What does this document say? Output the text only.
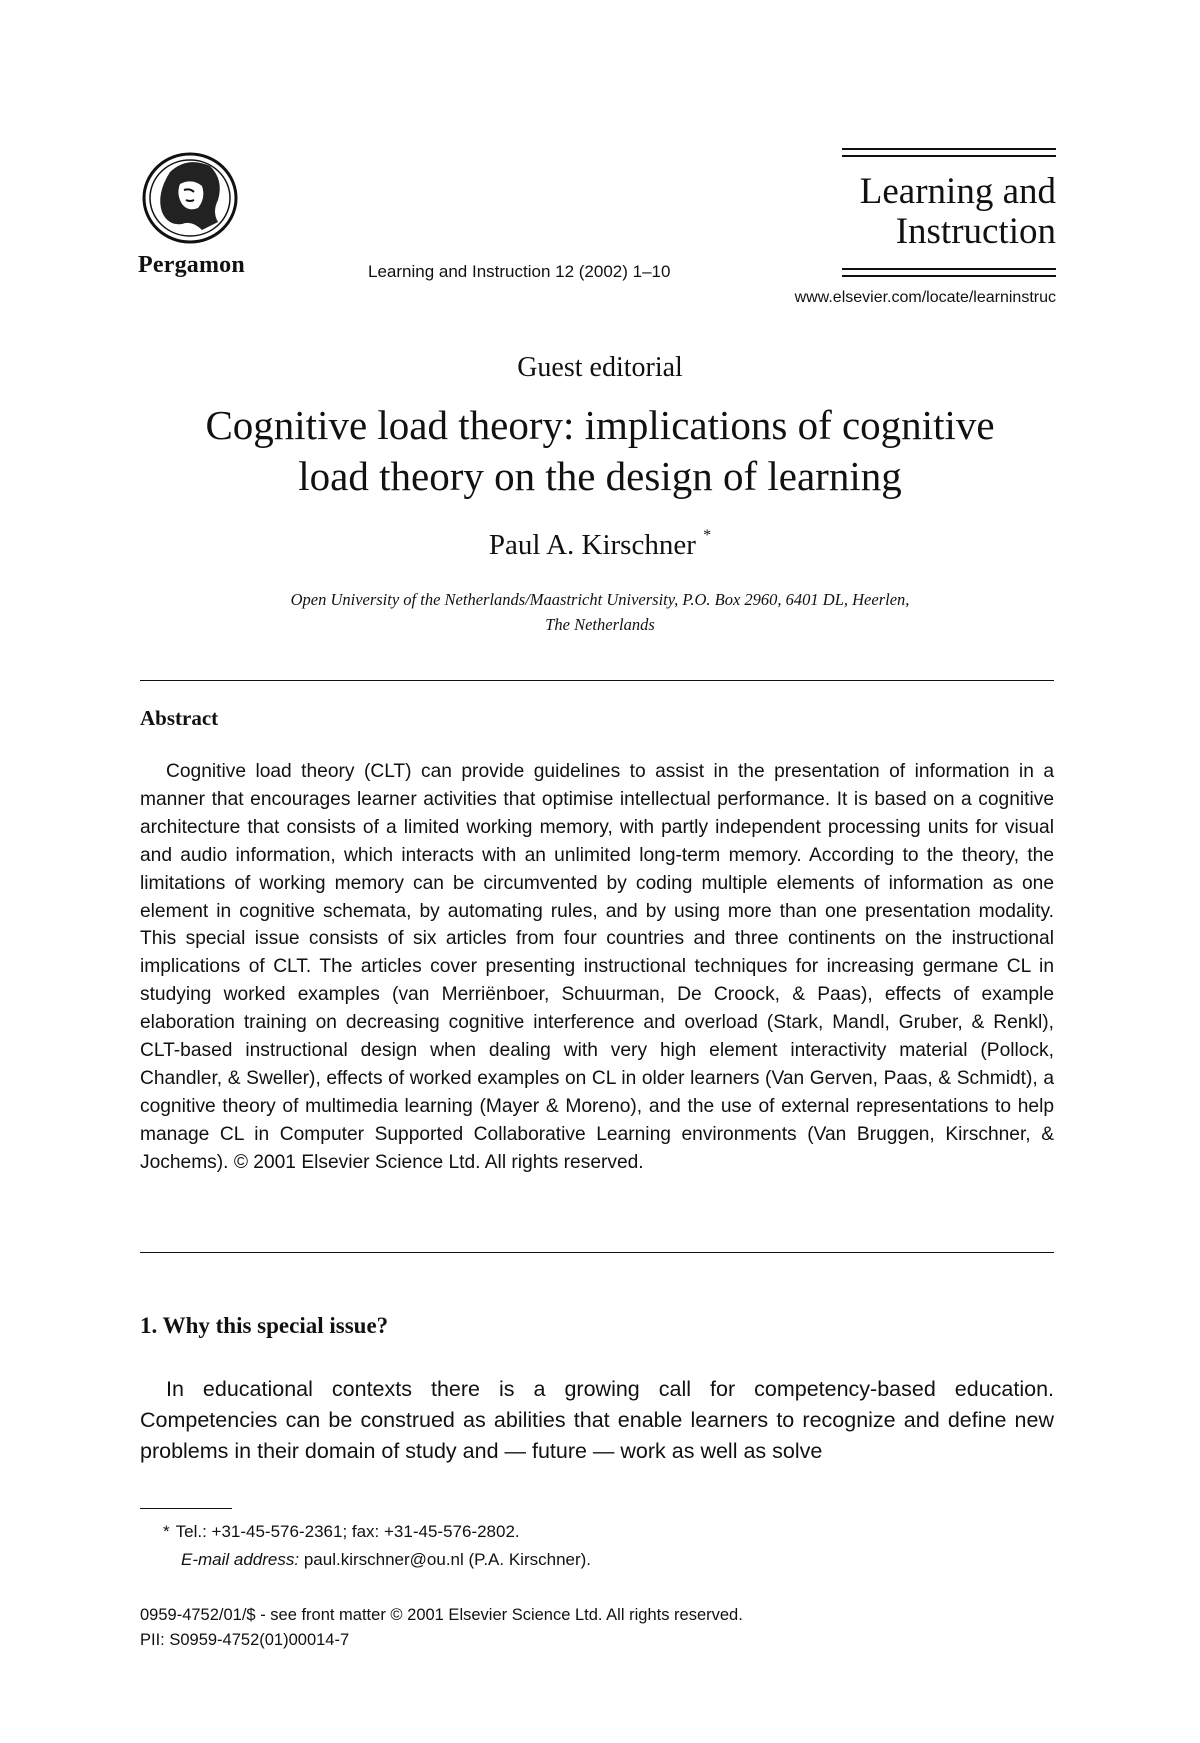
Pergamon	Learning and Instruction 12 (2002) 1–10
Learning and
Instruction
www.elsevier.com/locate/learninstruc
Guest editorial
Cognitive load theory: implications of cognitive
load theory on the design of learning
Paul A. Kirschner *
Open University of the Netherlands/Maastricht University, P.O. Box 2960, 6401 DL, Heerlen,
The Netherlands
Abstract
Cognitive load theory (CLT) can provide guidelines to assist in the presentation of information in a manner that encourages learner activities that optimise intellectual performance. It is based on a cognitive architecture that consists of a limited working memory, with partly independent processing units for visual and audio information, which interacts with an unlimited long-term memory. According to the theory, the limitations of working memory can be circumvented by coding multiple elements of information as one element in cognitive schemata, by automating rules, and by using more than one presentation modality. This special issue consists of six articles from four countries and three continents on the instructional implications of CLT. The articles cover presenting instructional techniques for increasing germane CL in studying worked examples (van Merriënboer, Schuurman, De Croock, & Paas), effects of example elaboration training on decreasing cognitive interference and overload (Stark, Mandl, Gruber, & Renkl), CLT-based instructional design when dealing with very high element interactivity material (Pollock, Chandler, & Sweller), effects of worked examples on CL in older learners (Van Gerven, Paas, & Schmidt), a cognitive theory of multimedia learning (Mayer & Moreno), and the use of external representations to help manage CL in Computer Supported Collaborative Learning environments (Van Bruggen, Kirschner, & Jochems). © 2001 Elsevier Science Ltd. All rights reserved.
1. Why this special issue?
In educational contexts there is a growing call for competency-based education. Competencies can be construed as abilities that enable learners to recognize and define new problems in their domain of study and — future — work as well as solve
* Tel.: +31-45-576-2361; fax: +31-45-576-2802.
E-mail address: paul.kirschner@ou.nl (P.A. Kirschner).
0959-4752/01/$ - see front matter © 2001 Elsevier Science Ltd. All rights reserved.
PII: S0959-4752(01)00014-7
